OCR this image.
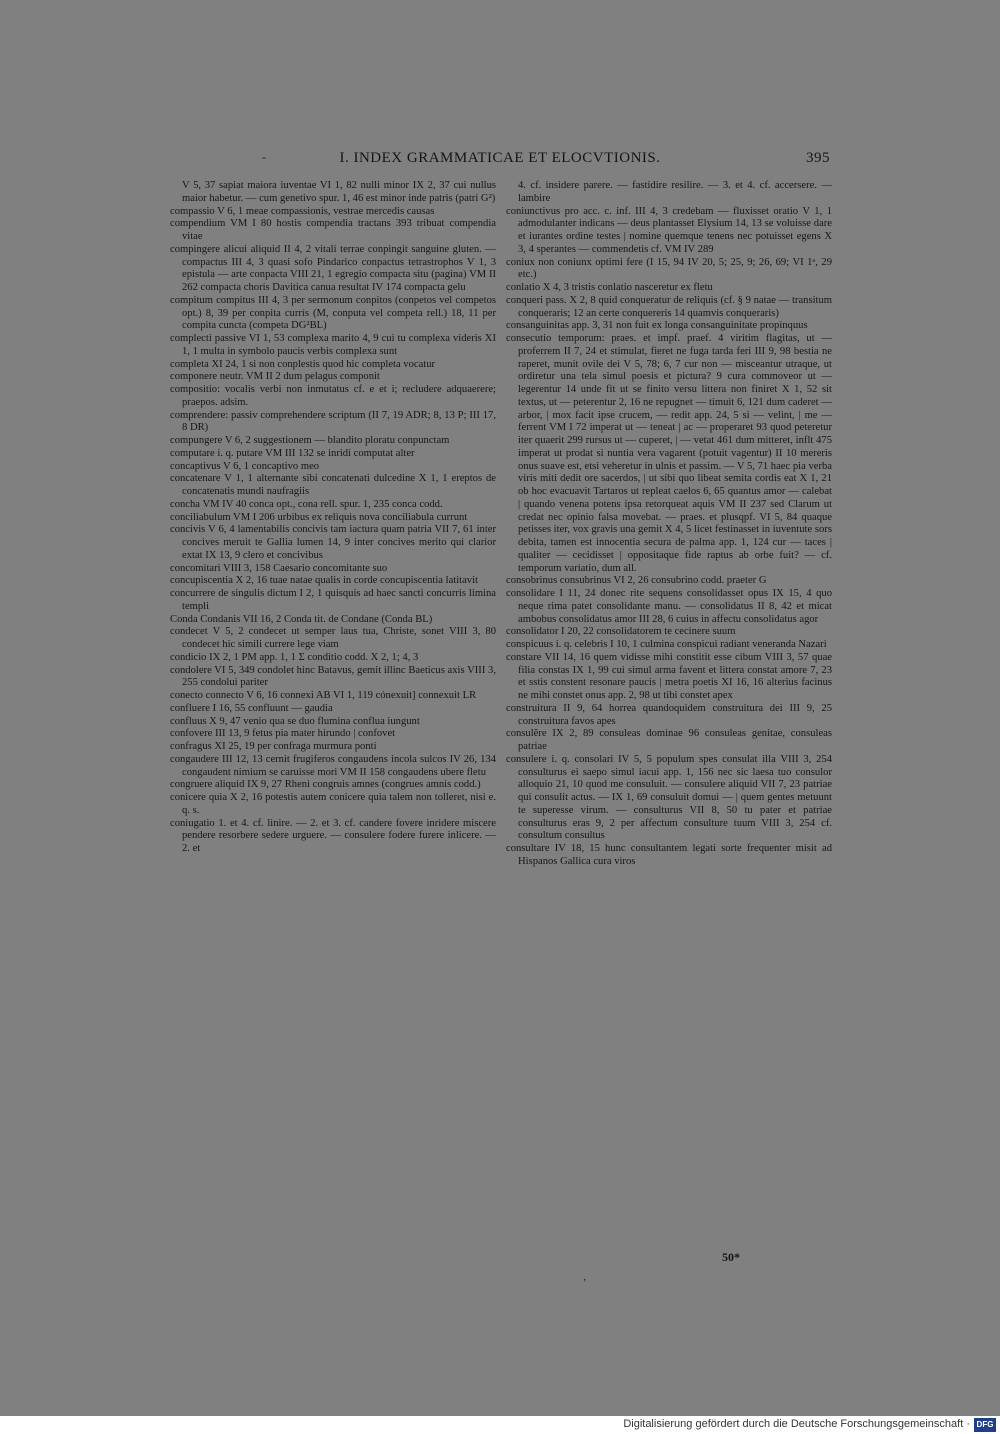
-	I. INDEX GRAMMATICAE ET ELOCVTIONIS.	395

V 5, 37 sapiat maiora iuventae VI 1, 82 nulli minor IX 2, 37 cui nullus maior habetur. — cum genetivo spur. 1, 46 est minor inde patris (patri G²)

compassio V 6, 1 meae compassionis, vestrae mercedis causas

compendium VM I 80 hostis compendia tractans 393 tribuat compendia vitae

compingere alicui aliquid II 4, 2 vitali terrae conpingit sanguine gluten. — compactus III 4, 3 quasi sofo Pindarico conpactus tetrastrophos V 1, 3 epistula — arte conpacta VIII 21, 1 egregio compacta situ (pagina) VM II 262 compacta choris Davitica canua resultat IV 174 compacta gelu

compitum compitus III 4, 3 per sermonum conpitos (conpetos vel competos opt.) 8, 39 per conpita currís (M, conputa vel competa rell.) 18, 11 per compita cuncta (competa DG²BL)

complecti passive VI 1, 53 complexa marito 4, 9 cui tu complexa videris XI 1, 1 multa in symbolo paucis verbis complexa sunt

completa XI 24, 1 si non conplestis quod hic completa vocatur

componere neutr. VM II 2 dum pelagus componit

compositio: vocalis verbi non inmutatus cf. e et i; recludere adquaerere; praepos. adsim.

comprendere: passiv comprehendere scriptum (II 7, 19 ADR; 8, 13 P; III 17, 8 DR)

compungere V 6, 2 suggestionem — blandito ploratu conpunctam

computare i. q. putare VM III 132 se inridi computat alter

concaptivus V 6, 1 concaptivo meo

concatenare V 1, 1 alternante sibi concatenati dulcedine X 1, 1 ereptos de concatenatis mundi naufragiis

concha VM IV 40 conca opt., cona rell. spur. 1, 235 conca codd.

conciliabulum VM I 206 urbibus ex reliquis nova conciliabula currunt

concivis V 6, 4 lamentabilis concivis tam iactura quam patria VII 7, 61 inter concives meruit te Gallia lumen 14, 9 inter concives merito qui clarior extat IX 13, 9 clero et concivibus

concomitari VIII 3, 158 Caesario concomitante suo

concupiscentia X 2, 16 tuae natae qualis in corde concupiscentia latitavit

concurrere de singulis dictum I 2, 1 quisquis ad haec sancti concurris limina templi

Conda Condanis VII 16, 2 Conda tit. de Condane (Conda BL)

condecet V 5, 2 condecet ut semper laus tua, Christe, sonet VIII 3, 80 condecet hic simili currere lege viam

condicio IX 2, 1 PM app. 1, 1 Σ conditio codd. X 2, 1; 4, 3

condolere VI 5, 349 condolet hinc Batavus, gemit illinc Baeticus axis VIII 3, 255 condolui pariter

conecto connecto V 6, 16 connexi AB VI 1, 119 cónexuit] connexuit LR

confluere I 16, 55 confluunt — gaudia

confluus X 9, 47 venio qua se duo flumina confluа iungunt

confovere III 13, 9 fetus pia mater hirundo | confovet

confragus XI 25, 19 per confraga murmura ponti

congaudere III 12, 13 cernit frugiferos congaudens incola sulcos IV 26, 134 congaudent nimium se caruisse mori VM II 158 congaudens ubere fletu

congruere aliquid IX 9, 27 Rheni congruis amnes (congrues amnis codd.)

conicere quia X 2, 16 potestis autem conicere quia talem non tolleret, nisi e. q. s.

coniugatio 1. et 4. cf. linire. — 2. et 3. cf. candere fovere inridere miscere pendere resorbere sedere urguere. — consulere fodere furere inlicere. — 2. et

4. cf. insidere parere. — fastidire resilire. — 3. et 4. cf. accersere. — lambire

coniunctivus pro acc. c. inf. III 4, 3 credebam — fluxisset oratio V 1, 1 admodulanter indicans — deus plantasset Elysium 14, 13 se voluisse dare et iurantes ordine testes | nomine quemque tenens nec potuisset egens X 3, 4 sperantes — commendetis cf. VM IV 289

coniux non coniunx optimi fere (I 15, 94 IV 20, 5; 25, 9; 26, 69; VI 1ᵃ, 29 etc.)

conlatio X 4, 3 tristis conlatio nasceretur ex fletu

conqueri pass. X 2, 8 quid conqueratur de reliquis (cf. § 9 natae — transitum conqueraris; 12 an certe conquereris 14 quamvis conqueraris)

consanguinitas app. 3, 31 non fuit ex longa consanguinitate propinquus

consecutio temporum: praes. et impf. praef. 4 viritim flagitas, ut — proferrem II 7, 24 et stimulat, fieret ne fuga tarda feri III 9, 98 bestia ne raperet, munit ovile dei V 5, 78; 6, 7 cur non — misceantur utraque, ut ordiretur una tela simul poesis et pictura? 9 cura commoveor ut — legerentur 14 unde fit ut se finito versu littera non finiret X 1, 52 sit textus, ut — peterentur 2, 16 ne repugnet — timuit 6, 121 dum caderet — arbor, | mox facit ipse crucem, — redit app. 24, 5 si — velint, | me — ferrent VM I 72 imperat ut — teneat | ac — properaret 93 quod peteretur iter quaerit 299 rursus ut — cuperet, | — vetat 461 dum mitteret, inflt 475 imperat ut prodat si nuntia vera vagarent (potuit vagentur) II 10 mereris onus suave est, etsi veheretur in ulnis et passim. — V 5, 71 haec pia verba viris miti dedit ore sacerdos, | ut sibi quo libeat semita cordis eat X 1, 21 ob hoc evacuavit Tartaros ut repleat caelos 6, 65 quantus amor — calebat | quando venena potens ipsa retorqueat aquis VM II 237 sed Clarum ut credat nec opinio falsa movebat. — praes. et plusqpf. VI 5, 84 quaque petisses iter, vox gravis una gemit X 4, 5 licet festinasset in iuventute sors debita, tamen est innocentia secura de palma app. 1, 124 cur — taces | qualiter — cecidisset | oppositaque fide raptus ab orbe fuit? — cf. temporum variatio, dum all.

consobrinus consubrinus VI 2, 26 consubrino codd. praeter G

consolidare I 11, 24 donec rite sequens consolidasset opus IX 15, 4 quo neque rima patet consolidante manu. — consolidatus II 8, 42 et micat ambobus consolidatus amor III 28, 6 cuius in affectu consolidatus agor

consolidator I 20, 22 consolidatorem te cecinere suum

conspicuus i. q. celebris I 10, 1 culmina conspicui radiant veneranda Nazari

constare VII 14, 16 quem vidisse mihi constitit esse cibum VIII 3, 57 quae filia constas IX 1, 99 cui simul arma favent et littera constat amore 7, 23 et sstis constent resonare paucis | metra poetis XI 16, 16 alterius facinus ne mihi constet onus app. 2, 98 ut tibi constet apex

construitura II 9, 64 horrea quandoquidem construitura dei III 9, 25 construitura favos apes

consulĕre IX 2, 89 consuleas dominae 96 consuleas genitae, consuleas patriae

consulere i. q. consolari IV 5, 5 populum spes consulat illa VIII 3, 254 consulturus ei saepo simul iacui app. 1, 156 nec sic laesa tuo consulor alloquio 21, 10 quod me consuluit. — consulere aliquid VII 7, 23 patriae qui consulit actus. — IX 1, 69 consuluit domui — | quem gentes metuunt te superesse virum. — consulturus VII 8, 50 tu pater et patriae consulturus eras 9, 2 per affectum consulture tuum VIII 3, 254 cf. consultum consultus

consultare IV 18, 15 hunc consultantem legati sorte frequenter misit ad Hispanos Gallica cura viros

50*
‚
Digitalisierung gefördert durch die Deutsche Forschungsgemeinschaft · DFG
